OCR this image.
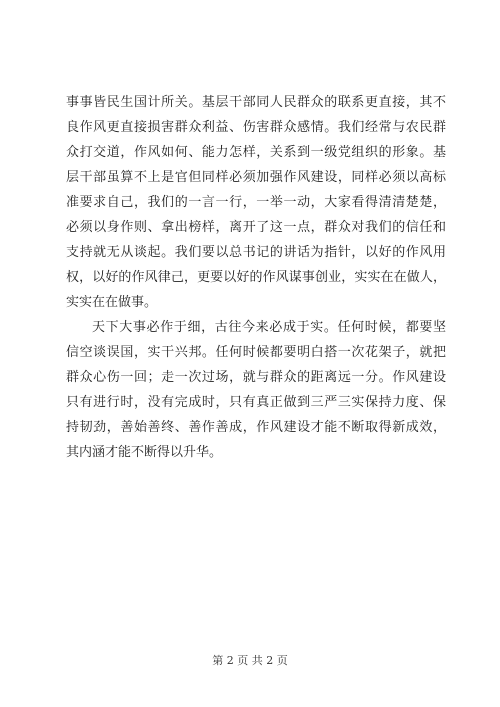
事事皆民生国计所关。基层干部同人民群众的联系更直接，其不
良作风更直接损害群众利益、伤害群众感情。我们经常与农民群
众打交道，作风如何、能力怎样，关系到一级党组织的形象。基
层干部虽算不上是官但同样必须加强作风建设，同样必须以高标
准要求自己，我们的一言一行，一举一动，大家看得清清楚楚，
必须以身作则、拿出榜样，离开了这一点，群众对我们的信任和
支持就无从谈起。我们要以总书记的讲话为指针，以好的作风用
权，以好的作风律己，更要以好的作风谋事创业，实实在在做人，
实实在在做事。
天下大事必作于细，古往今来必成于实。任何时候，都要坚
信空谈误国，实干兴邦。任何时候都要明白搭一次花架子，就把
群众心伤一回；走一次过场，就与群众的距离远一分。作风建设
只有进行时，没有完成时，只有真正做到三严三实保持力度、保
持韧劲，善始善终、善作善成，作风建设才能不断取得新成效，
其内涵才能不断得以升华。
第 2 页 共 2 页
